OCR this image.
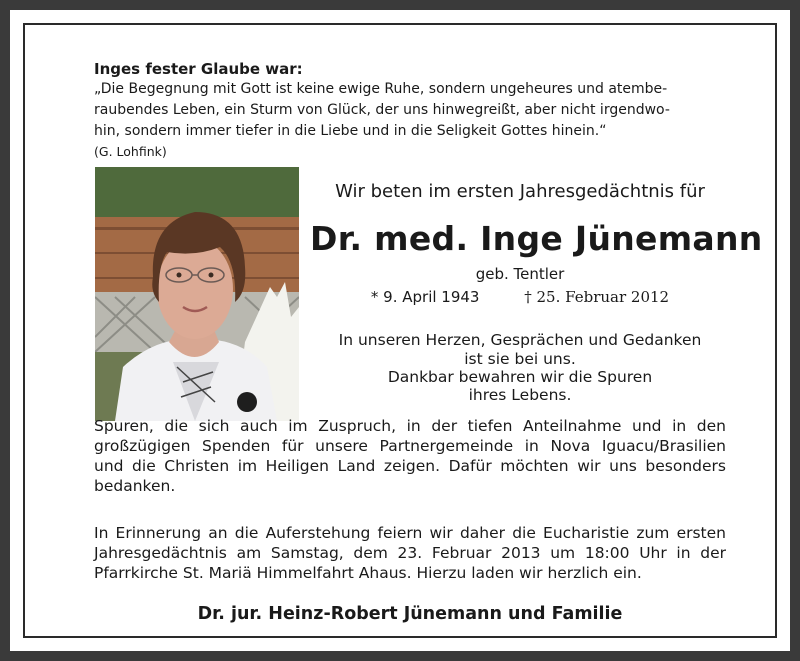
Inges fester Glaube war:
„Die Begegnung mit Gott ist keine ewige Ruhe, sondern ungeheures und atembe-
raubendes Leben, ein Sturm von Glück, der uns hinwegreißt, aber nicht irgendwo-
hin, sondern immer tiefer in die Liebe und in die Seligkeit Gottes hinein.“
(G. Lohfink)
Wir beten im ersten Jahresgedächtnis für
Dr. med. Inge Jünemann
geb. Tentler
* 9. April 1943	† 25. Februar 2012
In unseren Herzen, Gesprächen und Gedanken
ist sie bei uns.
Dankbar bewahren wir die Spuren
ihres Lebens.
Spuren, die sich auch im Zuspruch, in der tiefen Anteilnahme und in den
großzügigen Spenden für unsere Partnergemeinde in Nova Iguacu/Brasilien
und die Christen im Heiligen Land zeigen. Dafür möchten wir uns besonders
bedanken.
In Erinnerung an die Auferstehung feiern wir daher die Eucharistie zum ersten
Jahresgedächtnis am Samstag, dem 23. Februar 2013 um 18:00 Uhr in der
Pfarrkirche St. Mariä Himmelfahrt Ahaus. Hierzu laden wir herzlich ein.
Dr. jur. Heinz-Robert Jünemann und Familie
